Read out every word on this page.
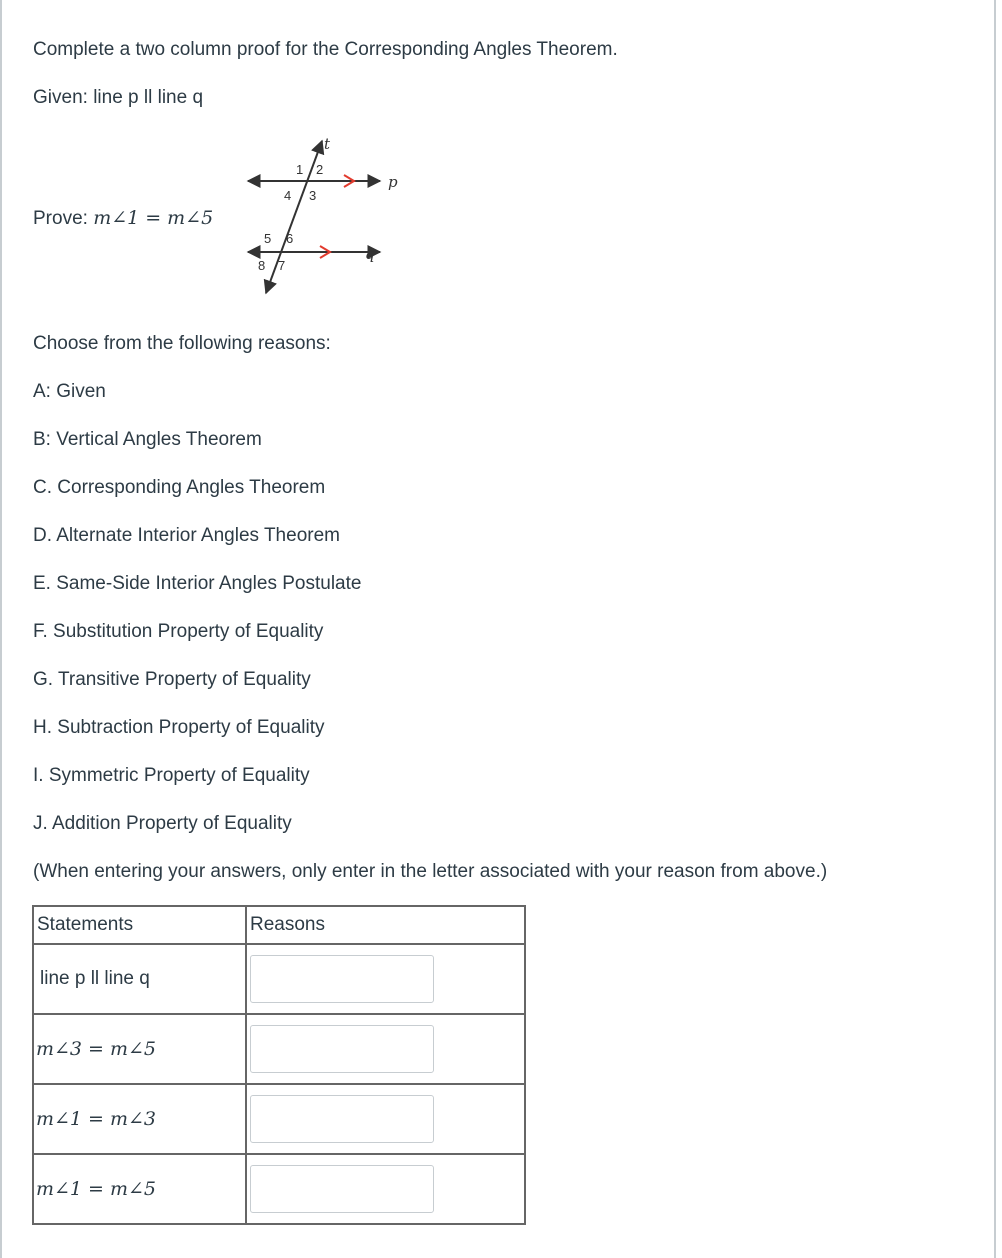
Complete a two column proof for the Corresponding Angles Theorem.
Given: line p ll line q
Prove: m∠1 = m∠5
t
p
q
1 2
3
4
5 6
7
8
Choose from the following reasons:
A: Given
B: Vertical Angles Theorem
C. Corresponding Angles Theorem
D. Alternate Interior Angles Theorem
E. Same-Side Interior Angles Postulate
F. Substitution Property of Equality
G. Transitive Property of Equality
H. Subtraction Property of Equality
I. Symmetric Property of Equality
J. Addition Property of Equality
(When entering your answers, only enter in the letter associated with your reason from above.)
Statements	Reasons
line p ll line q	

m∠3 = m∠5	

m∠1 = m∠3	

m∠1 = m∠5	
